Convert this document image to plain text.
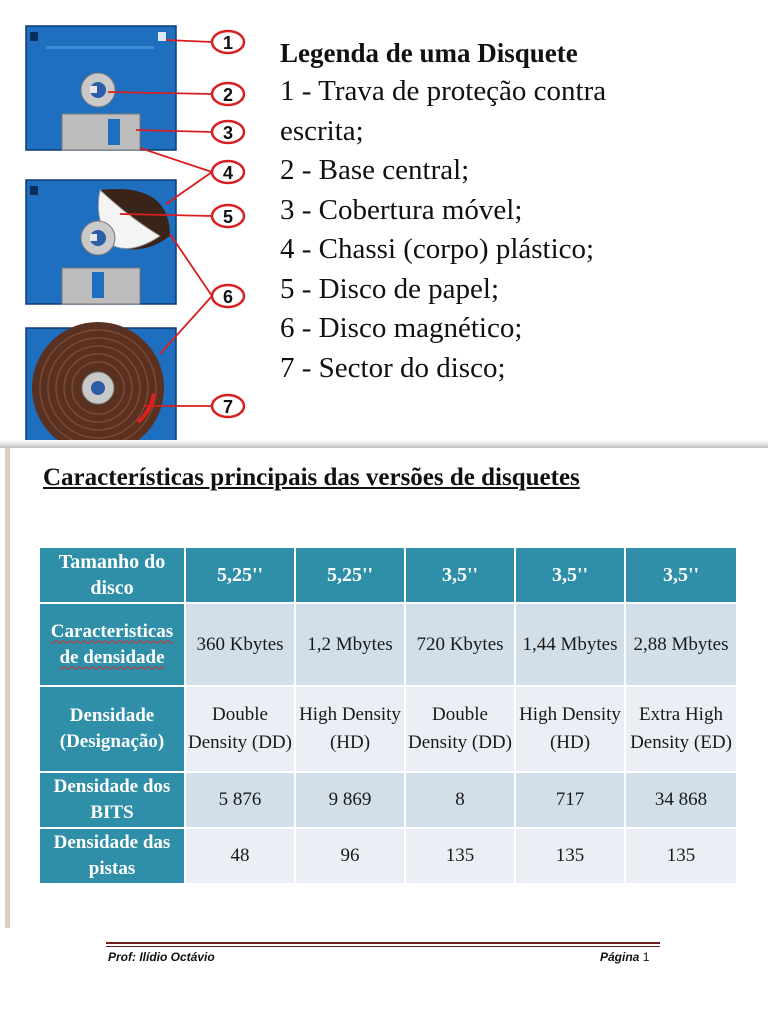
1
2
3
4
5
6
7

Legenda de uma Disquete

1 - Trava de proteção contra

escrita;

2 - Base central;

3 - Cobertura móvel;

4 - Chassi (corpo) plástico;

5 - Disco de papel;

6 - Disco magnético;

7 - Sector do disco;

Características principais das versões de disquetes
Tamanho do disco	5,25''	5,25''	3,5''	3,5''	3,5''
Caracteristicas de densidade	360 Kbytes	1,2 Mbytes	720 Kbytes	1,44 Mbytes	2,88 Mbytes
Densidade (Designação)	Double Density (DD)	High Density (HD)	Double Density (DD)	High Density (HD)	Extra High Density (ED)
Densidade dos BITS	5 876	9 869	8	717	34 868
Densidade das pistas	48	96	135	135	135
Prof: Ilídio Octávio	Página 1
